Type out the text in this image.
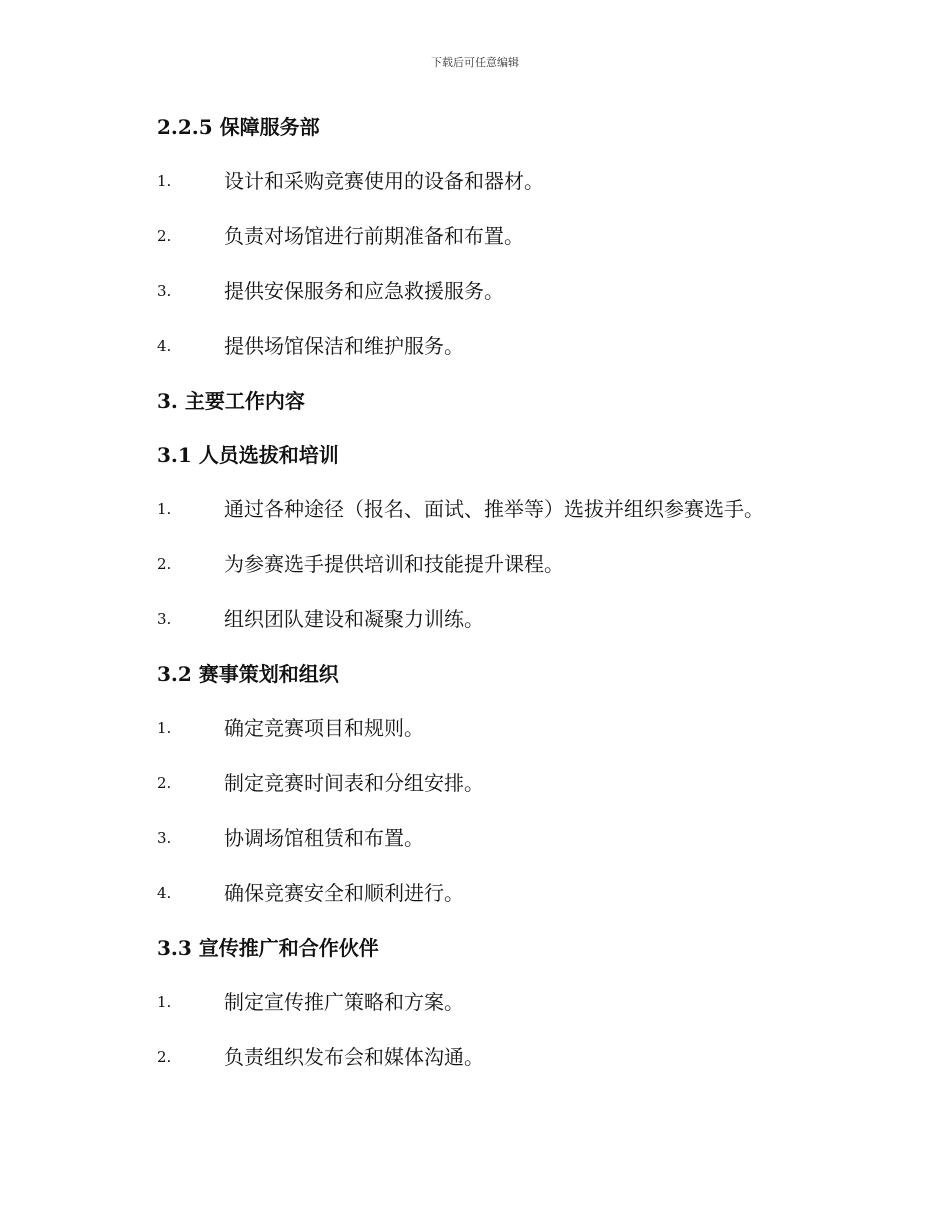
下载后可任意编辑
2.2.5 保障服务部
1.	设计和采购竞赛使用的设备和器材。
2.	负责对场馆进行前期准备和布置。
3.	提供安保服务和应急救援服务。
4.	提供场馆保洁和维护服务。
3. 主要工作内容
3.1 人员选拔和培训
1.	通过各种途径（报名、面试、推举等）选拔并组织参赛选手。
2.	为参赛选手提供培训和技能提升课程。
3.	组织团队建设和凝聚力训练。
3.2 赛事策划和组织
1.	确定竞赛项目和规则。
2.	制定竞赛时间表和分组安排。
3.	协调场馆租赁和布置。
4.	确保竞赛安全和顺利进行。
3.3 宣传推广和合作伙伴
1.	制定宣传推广策略和方案。
2.	负责组织发布会和媒体沟通。
